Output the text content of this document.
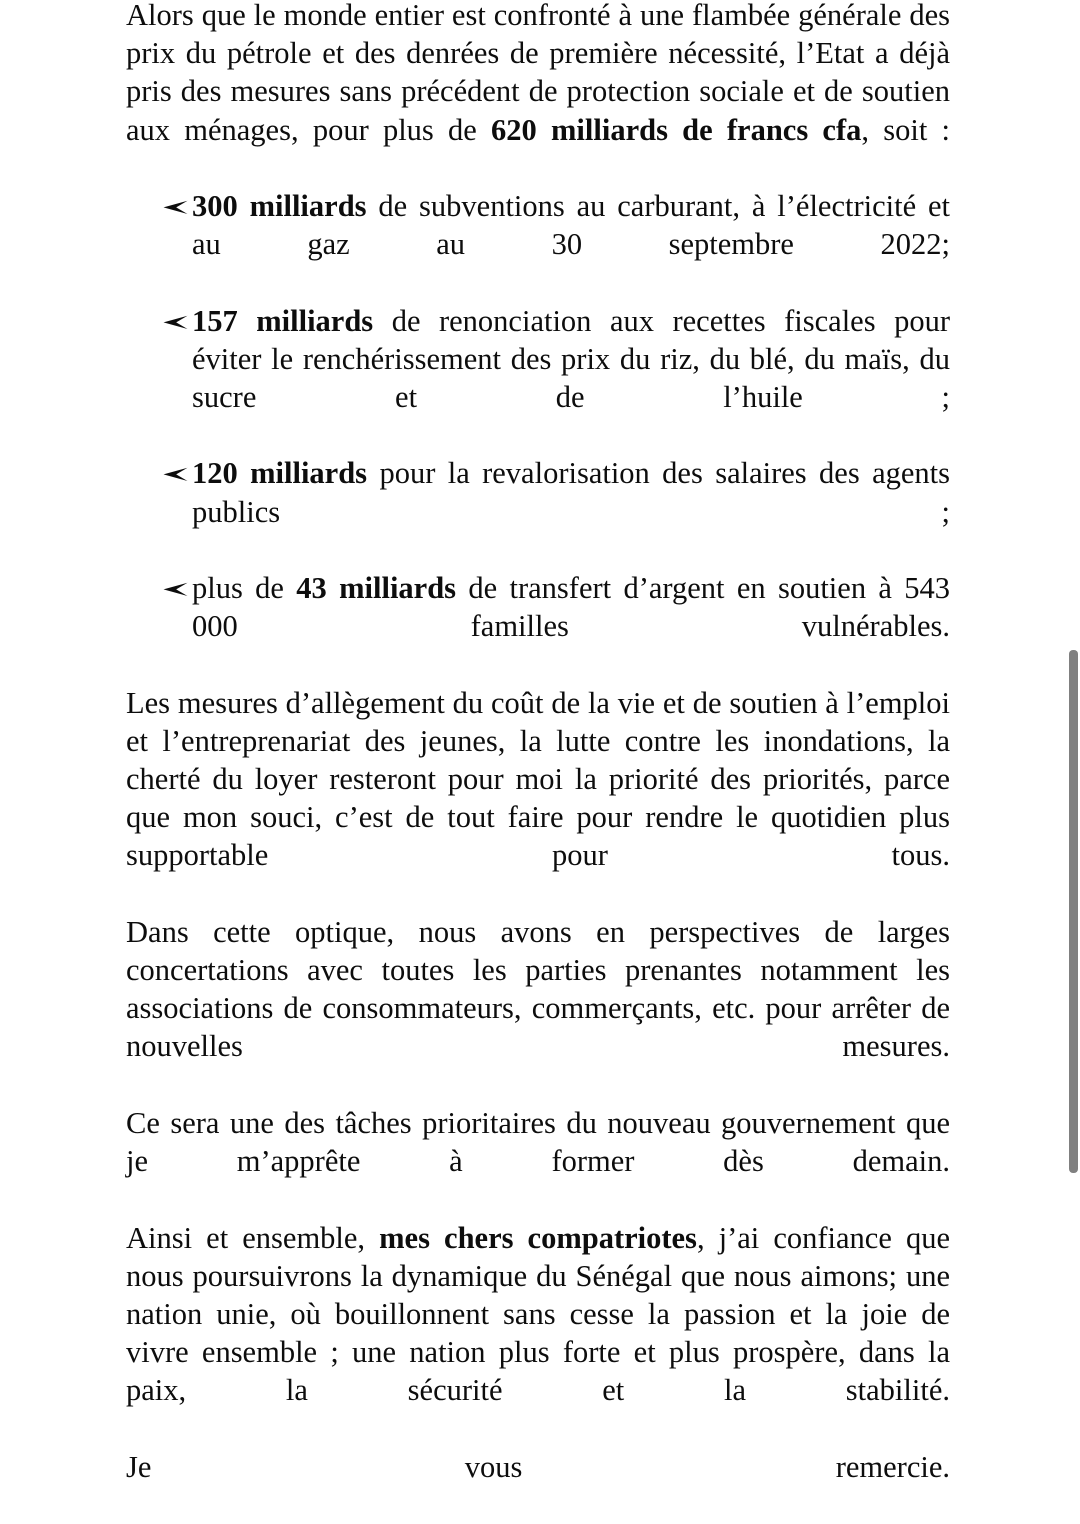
Alors que le monde entier est confronté à une flambée générale des prix du pétrole et des denrées de première nécessité, l’Etat a déjà pris des mesures sans précédent de protection sociale et de soutien aux ménages, pour plus de 620 milliards de francs cfa, soit :

300 milliards de subventions au carburant, à l’électricité et au gaz au 30 septembre 2022;
157 milliards de renonciation aux recettes fiscales pour éviter le renchérissement des prix du riz, du blé, du maïs, du sucre et de l’huile ;
120 milliards pour la revalorisation des salaires des agents publics ;
plus de 43 milliards de transfert d’argent en soutien à 543 000 familles vulnérables.

Les mesures d’allègement du coût de la vie et de soutien à l’emploi et l’entreprenariat des jeunes, la lutte contre les inondations, la cherté du loyer resteront pour moi la priorité des priorités, parce que mon souci, c’est de tout faire pour rendre le quotidien plus supportable pour tous.

Dans cette optique, nous avons en perspectives de larges concertations avec toutes les parties prenantes notamment les associations de consommateurs, commerçants, etc. pour arrêter de nouvelles mesures.

Ce sera une des tâches prioritaires du nouveau gouvernement que je m’apprête à former dès demain.

Ainsi et ensemble, mes chers compatriotes, j’ai confiance que nous poursuivrons la dynamique du Sénégal que nous aimons; une nation unie, où bouillonnent sans cesse la passion et la joie de vivre ensemble ; une nation plus forte et plus prospère, dans la paix, la sécurité et la stabilité.

Je vous remercie.
